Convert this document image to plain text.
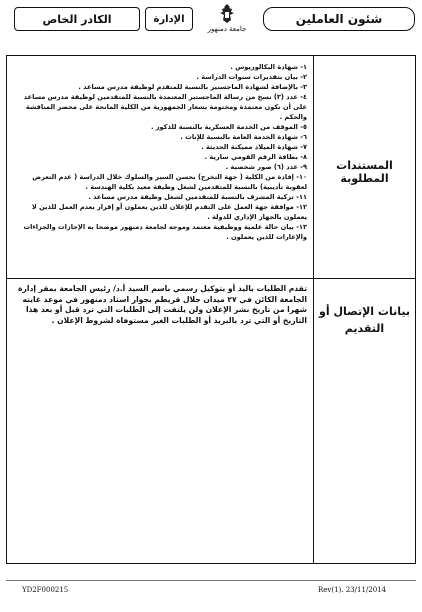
شئون العاملين
جامعة دمنهور
الإدارة
الكادر الخاص
المستندات المطلوبة

١- شهادة البكالوريوس .

٢- بيان بتقديرات سنوات الدراسة .

٣- بالإضافة لشهادة الماجستير بالنسبة للمتقدم لوظيفة مدرس مساعد .

٤- عدد (٣) نسخ من رسالة الماجستير المعتمدة بالنسبة للمتقدمين لوظيفة مدرس مساعد على أن تكون معتمدة ومختومة بشعار الجمهورية من الكلية المانحة على محضر المناقشة والحكم .

٥- الموقف من الخدمة العسكرية بالنسبة للذكور .

٦- شهادة الخدمة العامة بالنسبة للإناث .

٧- شهادة الميلاد مميكنة الحديثة .

٨- بطاقة الرقم القومي سارية .

٩- عدد (٦) صور شخصية .

١٠- إفادة من الكلية ( جهة التخرج) بحسن السير والسلوك خلال الدراسة ( عدم التعرض لعقوبة تأديبية) بالنسبة للمتقدمين لشغل وظيفة معيد بكلية الهندسة .

١١- تزكية المشرف بالنسبة للمتقدمين لشغل وظيفة مدرس مساعد .

١٢- موافقة جهة العمل على التقدم للإعلان للذين يعملون أو إقرار بعدم العمل للذين لا يعملون بالجهاز الإداري للدولة .

١٣- بيان حالة علمية ووظيفية معتمد وموجه لجامعة دمنهور موضحا به الإجازات والجزاءات والإعارات للذين يعملون .

بيانات الإتصال أو التقديم
تقدم الطلبات باليد أو بتوكيل رسمي باسم السيد أ.د/ رئيس الجامعة بمقر إدارة الجامعة الكائن في ٢٧ ميدان جلال قريطم بجوار استاد دمنهور في موعد غايته شهرا من تاريخ نشر الإعلان ولن يلتفت إلى الطلبات التي ترد قبل أو بعد هذا التاريخ أو التي ترد بالبريد أو الطلبات الغير مستوفاة لشروط الإعلان .
YD2F000215	Rev(1). 23/11/2014
